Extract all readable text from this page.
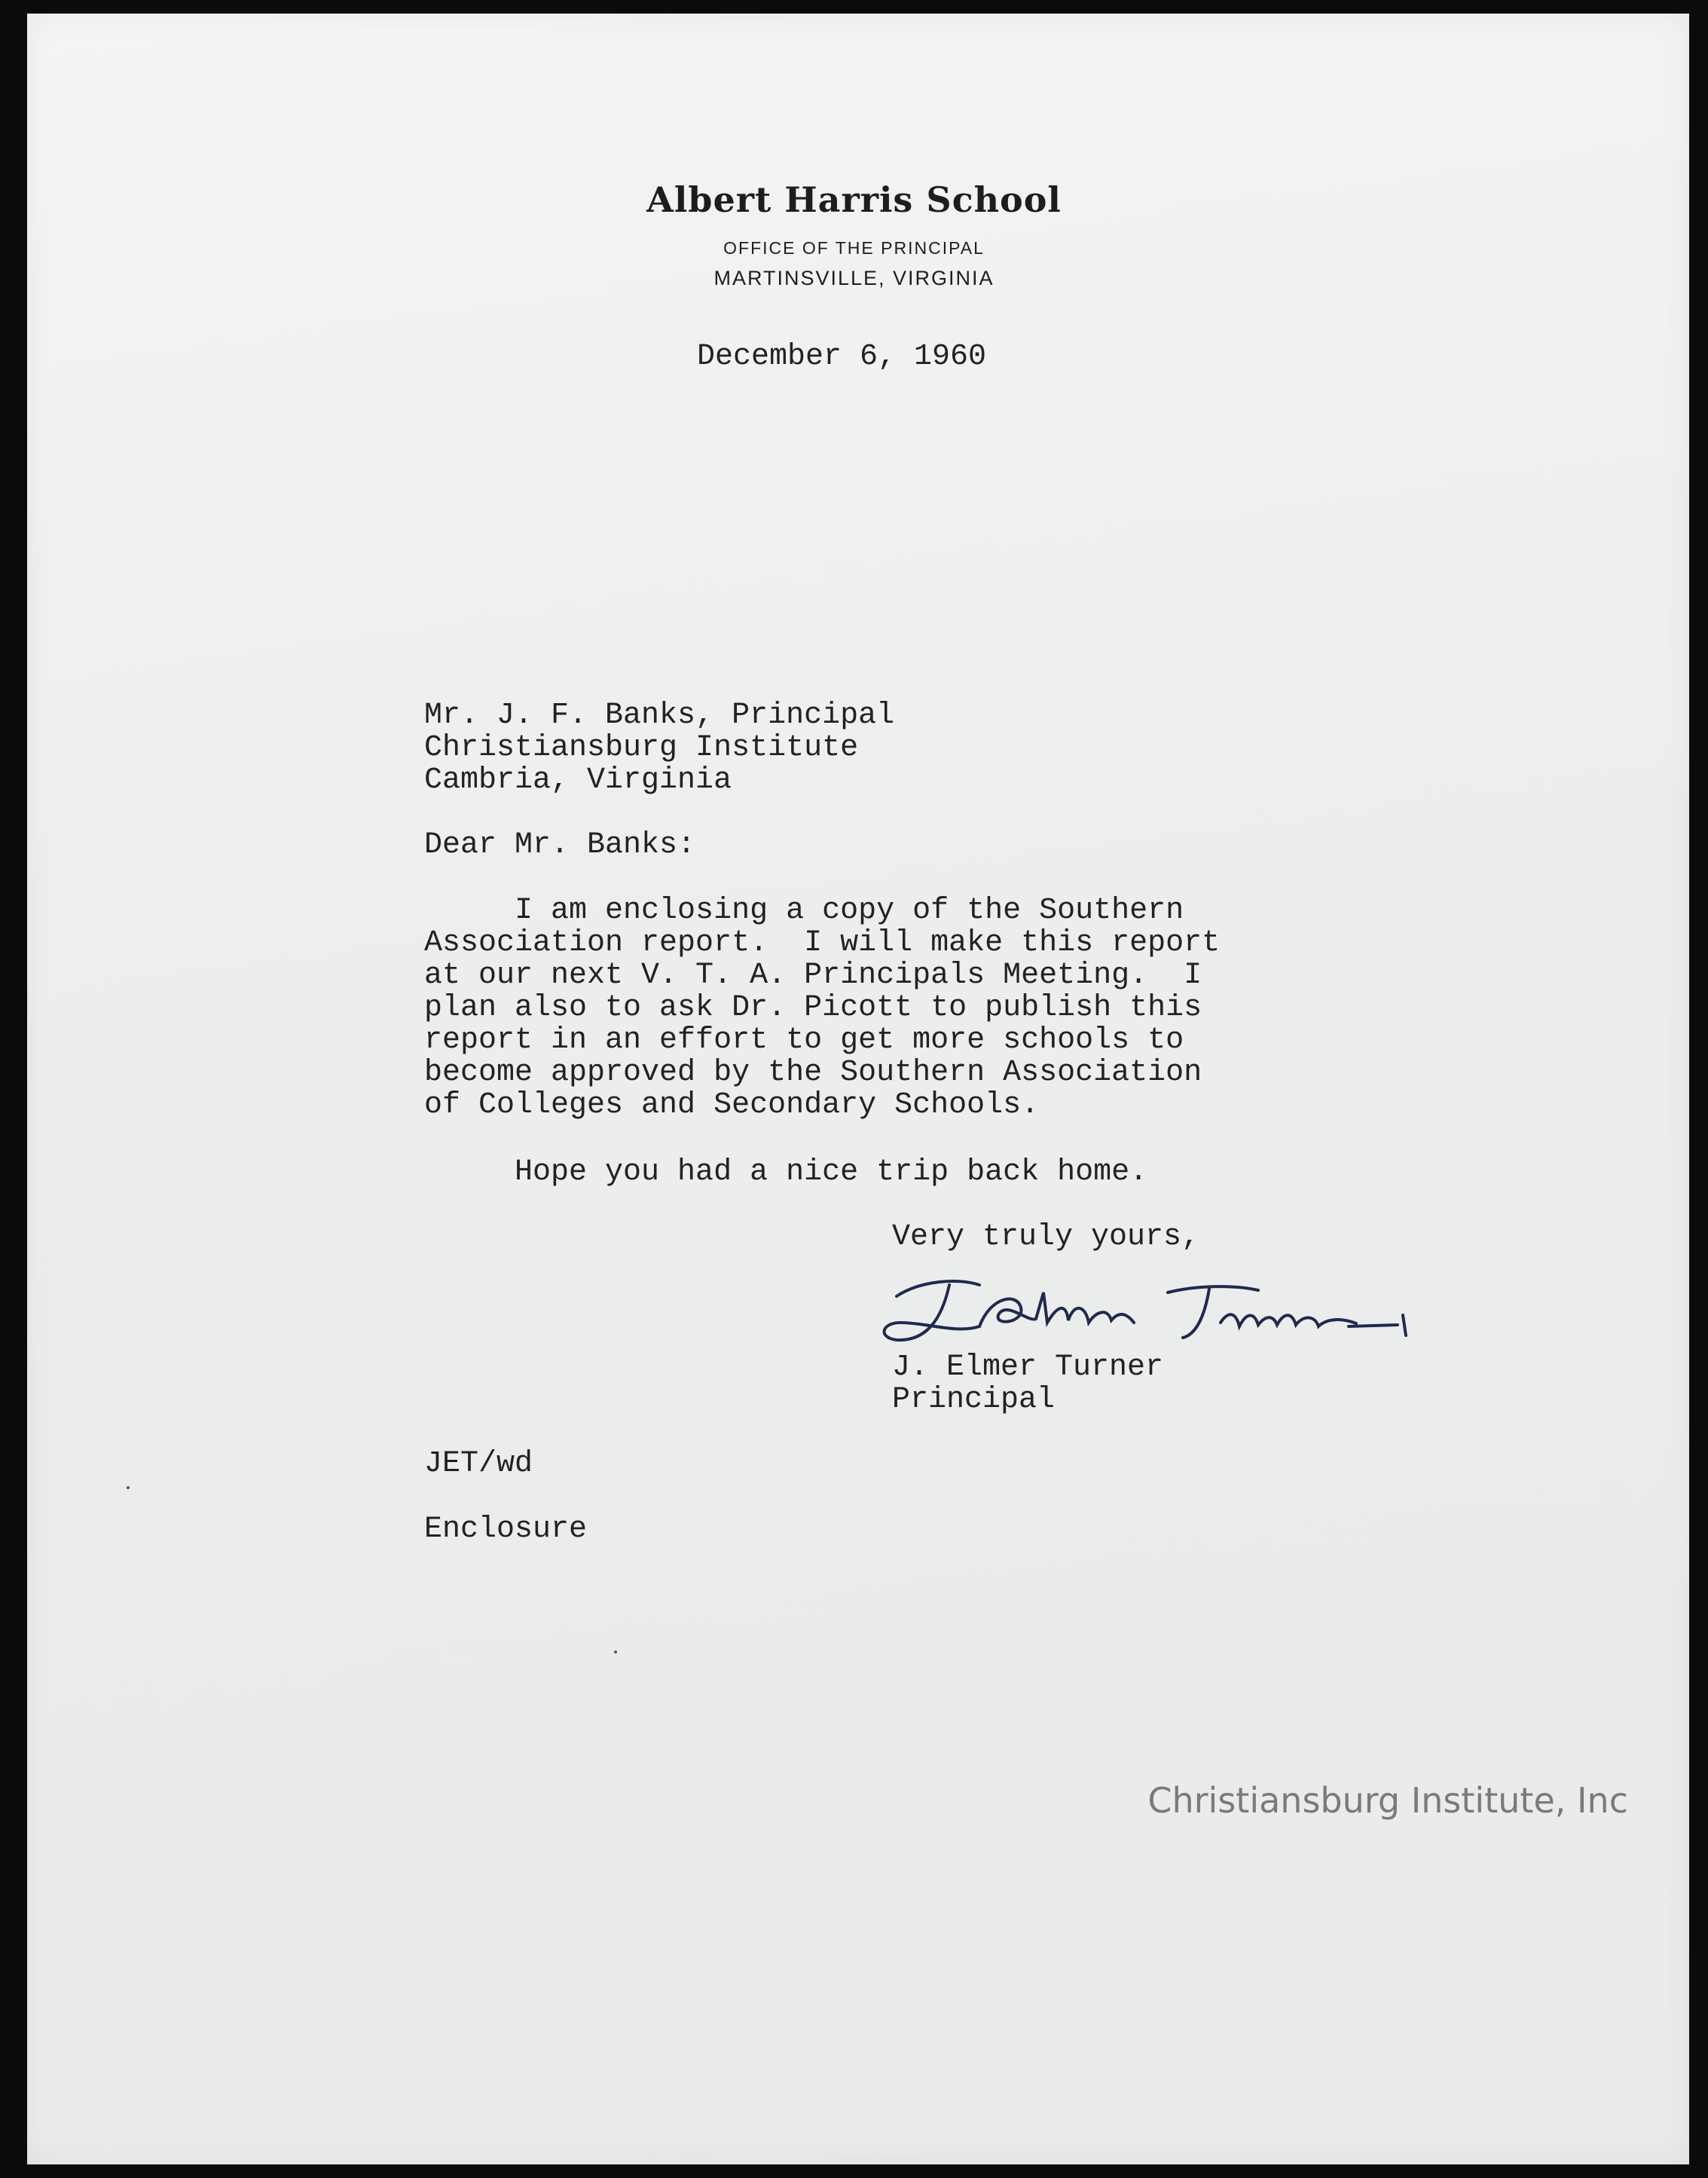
Albert Harris School
OFFICE OF THE PRINCIPAL
MARTINSVILLE, VIRGINIA
December 6, 1960
Mr. J. F. Banks, Principal
Christiansburg Institute
Cambria, Virginia
Dear Mr. Banks:
I am enclosing a copy of the Southern
Association report.  I will make this report
at our next V. T. A. Principals Meeting.  I
plan also to ask Dr. Picott to publish this
report in an effort to get more schools to
become approved by the Southern Association
of Colleges and Secondary Schools.
Hope you had a nice trip back home.
Very truly yours,
J. Elmer Turner
Principal
JET/wd
Enclosure
Christiansburg Institute, Inc
